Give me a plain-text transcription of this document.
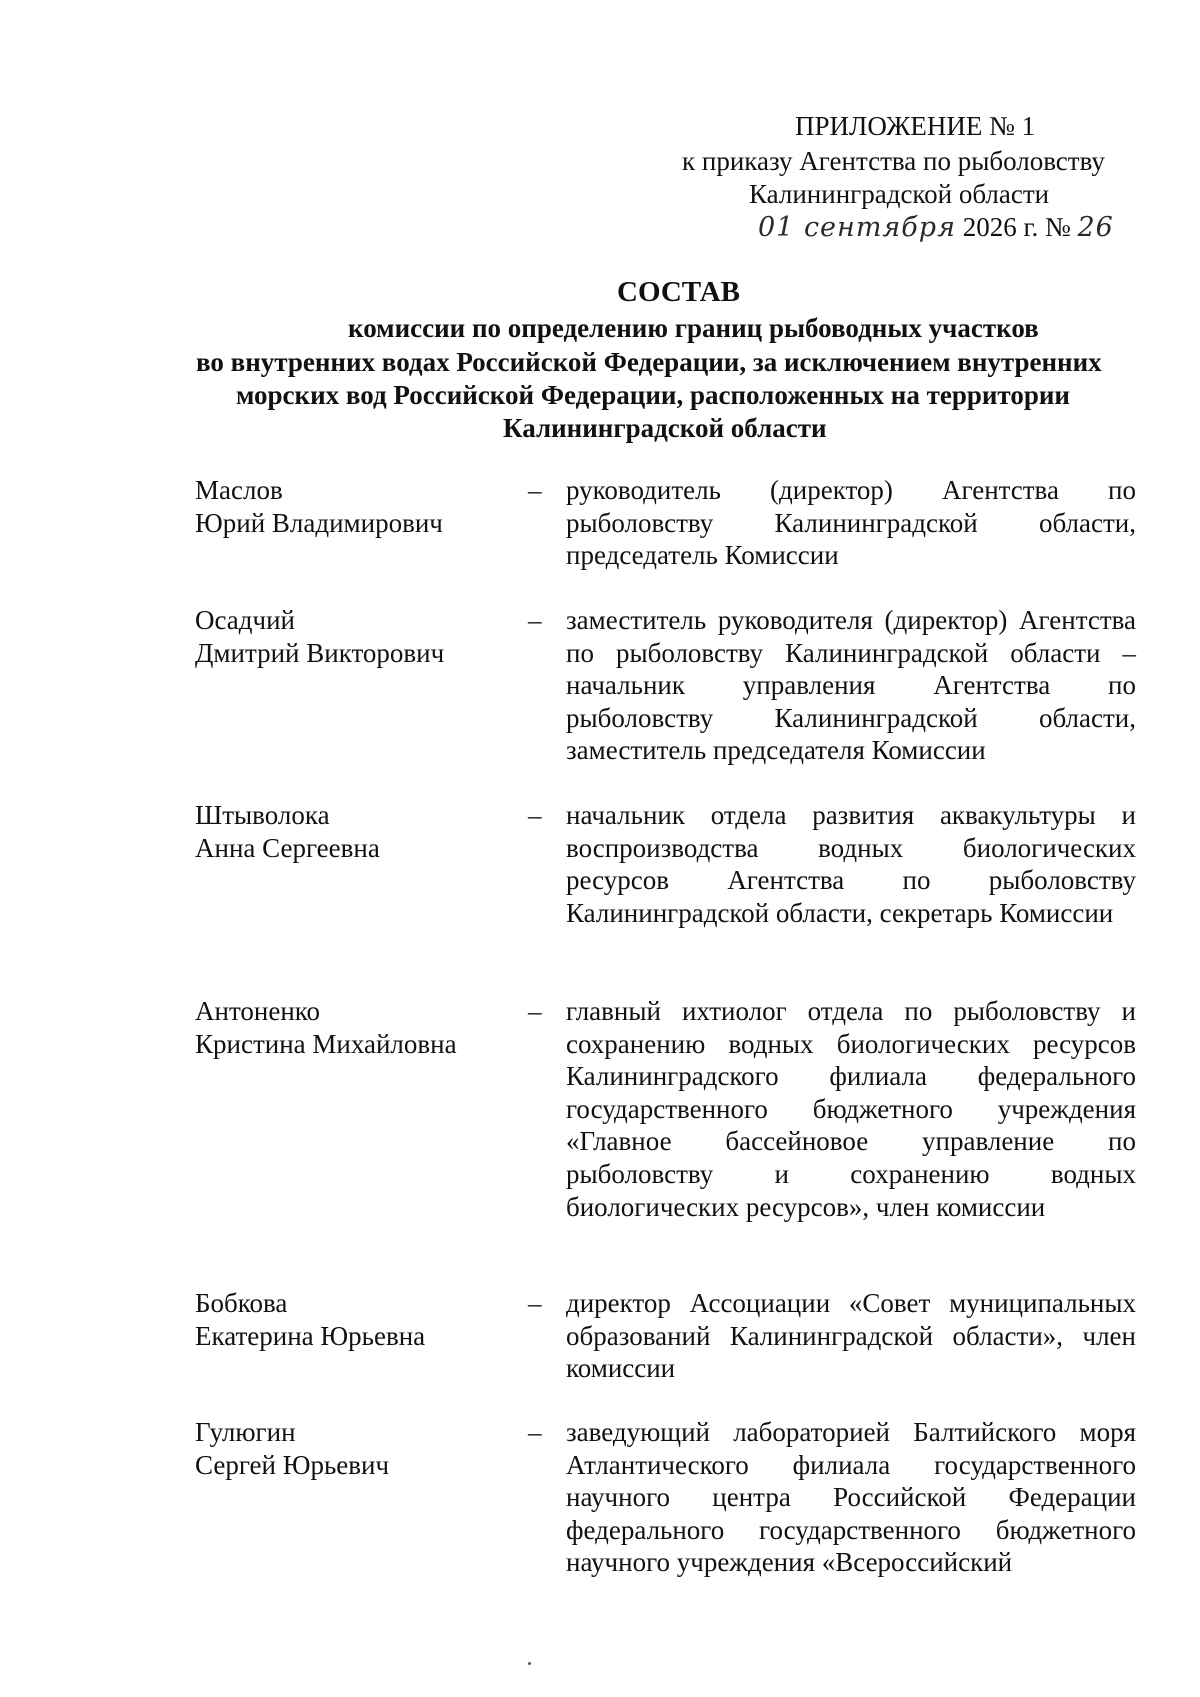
ПРИЛОЖЕНИЕ № 1
к приказу Агентства по рыболовству
Калининградской области
01 сентября 2026 г. № 26
СОСТАВ
комиссии по определению границ рыбоводных участков
во внутренних водах Российской Федерации, за исключением внутренних
морских вод Российской Федерации, расположенных на территории
Калининградской области
Маслов
Юрий Владимирович
– руководитель (директор) Агентства по рыболовству Калининградской области, председатель Комиссии
Осадчий
Дмитрий Викторович
– заместитель руководителя (директор) Агентства по рыболовству Калининградской области – начальник управления Агентства по рыболовству Калининградской области, заместитель председателя Комиссии
Штыволока
Анна Сергеевна
– начальник отдела развития аквакультуры и воспроизводства водных биологических ресурсов Агентства по рыболовству Калининградской области, секретарь Комиссии
Антоненко
Кристина Михайловна
– главный ихтиолог отдела по рыболовству и сохранению водных биологических ресурсов Калининградского филиала федерального государственного бюджетного учреждения «Главное бассейновое управление по рыболовству и сохранению водных биологических ресурсов», член комиссии
Бобкова
Екатерина Юрьевна
– директор Ассоциации «Совет муниципальных образований Калининградской области», член комиссии
Гулюгин
Сергей Юрьевич
– заведующий лабораторией Балтийского моря Атлантического филиала государственного научного центра Российской Федерации федерального государственного бюджетного научного учреждения «Всероссийский
